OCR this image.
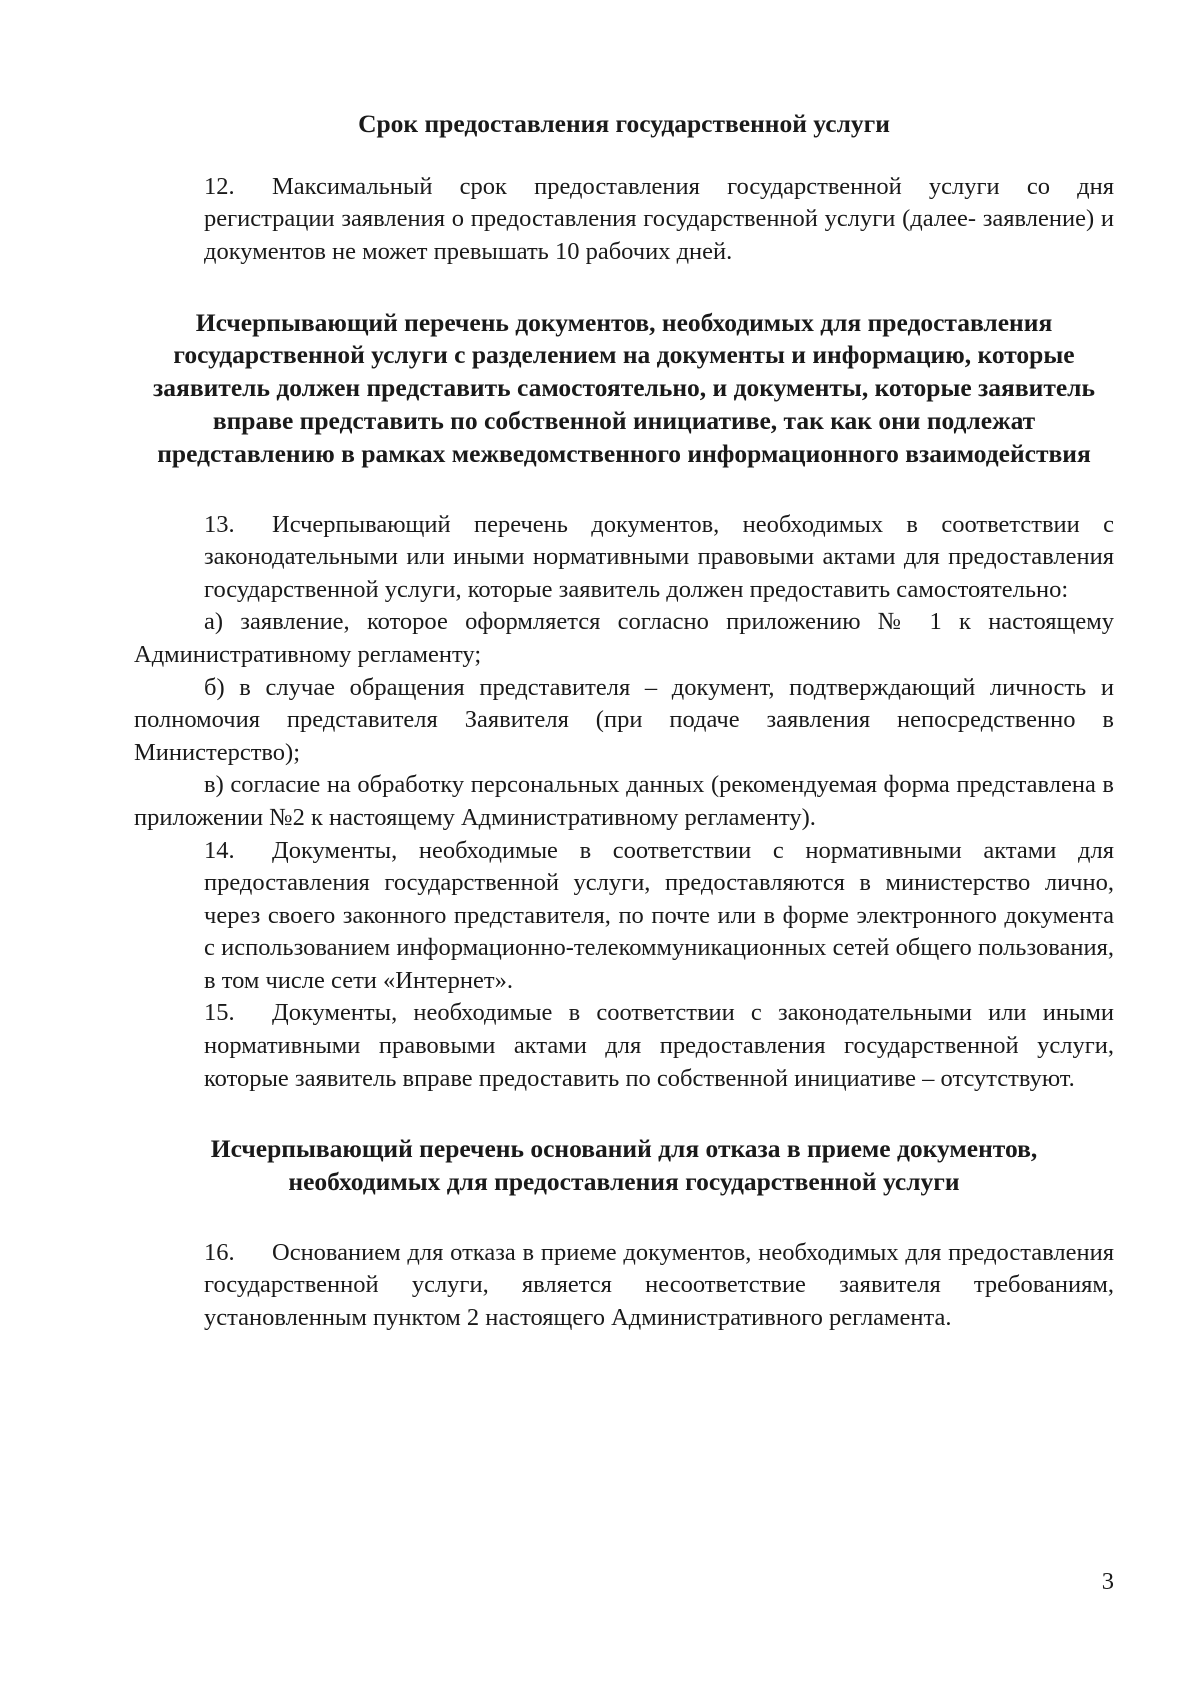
Срок предоставления государственной услуги

12. Максимальный срок предоставления государственной услуги со дня регистрации заявления о предоставления государственной услуги (далее- заявление) и документов не может превышать 10 рабочих дней.

Исчерпывающий перечень документов, необходимых для предоставления государственной услуги с разделением на документы и информацию, которые заявитель должен представить самостоятельно, и документы, которые заявитель вправе представить по собственной инициативе, так как они подлежат представлению в рамках межведомственного информационного взаимодействия

13. Исчерпывающий перечень документов, необходимых в соответствии с законодательными или иными нормативными правовыми актами для предоставления государственной услуги, которые заявитель должен предоставить самостоятельно:

а) заявление, которое оформляется согласно приложению № 1 к настоящему Административному регламенту;

б) в случае обращения представителя – документ, подтверждающий личность и полномочия представителя Заявителя (при подаче заявления непосредственно в Министерство);

в) согласие на обработку персональных данных (рекомендуемая форма представлена в приложении №2 к настоящему Административному регламенту).

14. Документы, необходимые в соответствии с нормативными актами для предоставления государственной услуги, предоставляются в министерство лично, через своего законного представителя, по почте или в форме электронного документа с использованием информационно-телекоммуникационных сетей общего пользования, в том числе сети «Интернет».

15. Документы, необходимые в соответствии с законодательными или иными нормативными правовыми актами для предоставления государственной услуги, которые заявитель вправе предоставить по собственной инициативе – отсутствуют.

Исчерпывающий перечень оснований для отказа в приеме документов, необходимых для предоставления государственной услуги

16. Основанием для отказа в приеме документов, необходимых для предоставления государственной услуги, является несоответствие заявителя требованиям, установленным пунктом 2 настоящего Административного регламента.

3
